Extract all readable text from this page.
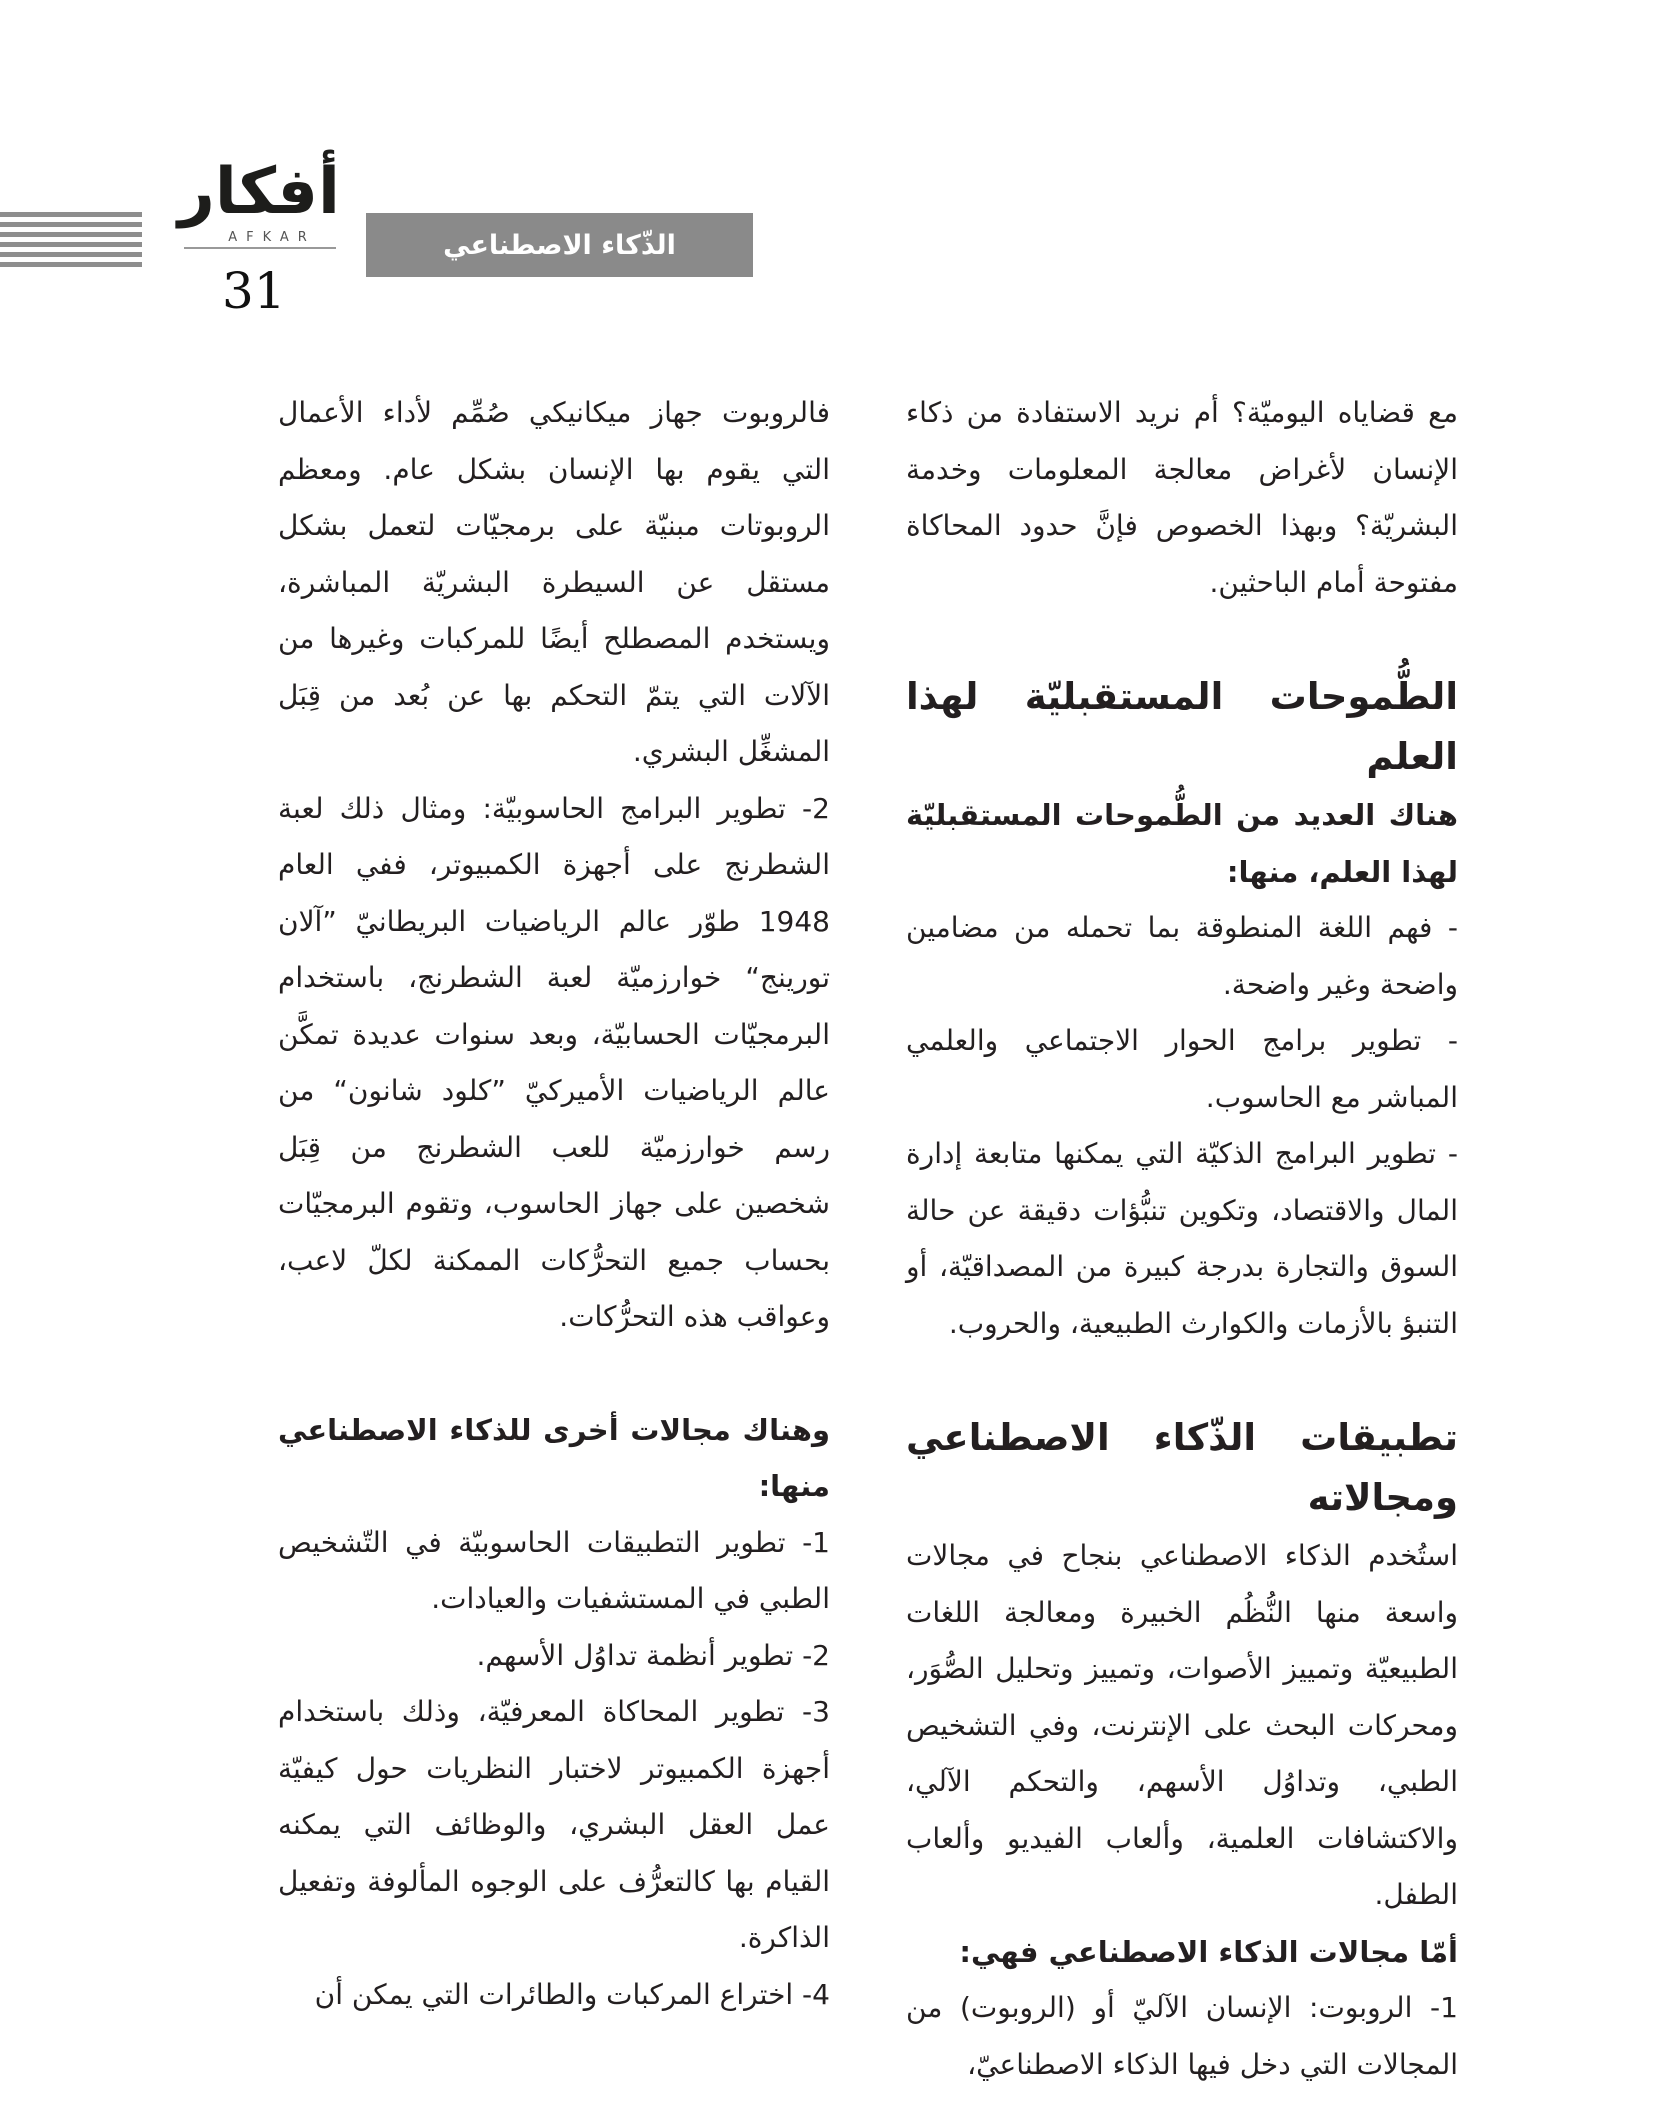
أفكار
AFKAR
31
الذّكاء الاصطناعي

مع قضاياه اليوميّة؟ أم نريد الاستفادة من ذكاء الإنسان لأغراض معالجة المعلومات وخدمة البشريّة؟ وبهذا الخصوص فإنَّ حدود المحاكاة مفتوحة أمام الباحثين.

الطُّموحات المستقبليّة لهذا العلم
هناك العديد من الطُّموحات المستقبليّة لهذا العلم، منها:

- فهم اللغة المنطوقة بما تحمله من مضامين واضحة وغير واضحة.

- تطوير برامج الحوار الاجتماعي والعلمي المباشر مع الحاسوب.

- تطوير البرامج الذكيّة التي يمكنها متابعة إدارة المال والاقتصاد، وتكوين تنبُّؤات دقيقة عن حالة السوق والتجارة بدرجة كبيرة من المصداقيّة، أو التنبؤ بالأزمات والكوارث الطبيعية، والحروب.

تطبيقات الذّكاء الاصطناعي ومجالاته

استُخدم الذكاء الاصطناعي بنجاح في مجالات واسعة منها النُّظُم الخبيرة ومعالجة اللغات الطبيعيّة وتمييز الأصوات، وتمييز وتحليل الصُّوَر، ومحركات البحث على الإنترنت، وفي التشخيص الطبي، وتداوُل الأسهم، والتحكم الآلي، والاكتشافات العلمية، وألعاب الفيديو وألعاب الطفل.

أمّا مجالات الذكاء الاصطناعي فهي:

1- الروبوت: الإنسان الآليّ أو (الروبوت) من المجالات التي دخل فيها الذكاء الاصطناعيّ،

فالروبوت جهاز ميكانيكي صُمِّم لأداء الأعمال التي يقوم بها الإنسان بشكل عام. ومعظم الروبوتات مبنيّة على برمجيّات لتعمل بشكل مستقل عن السيطرة البشريّة المباشرة، ويستخدم المصطلح أيضًا للمركبات وغيرها من الآلات التي يتمّ التحكم بها عن بُعد من قِبَل المشغِّل البشري.

2- تطوير البرامج الحاسوبيّة: ومثال ذلك لعبة الشطرنج على أجهزة الكمبيوتر، ففي العام 1948 طوّر عالم الرياضيات البريطانيّ ”آلان تورينج“ خوارزميّة لعبة الشطرنج، باستخدام البرمجيّات الحسابيّة، وبعد سنوات عديدة تمكَّن عالم الرياضيات الأميركيّ ”كلود شانون“ من رسم خوارزميّة للعب الشطرنج من قِبَل شخصين على جهاز الحاسوب، وتقوم البرمجيّات بحساب جميع التحرُّكات الممكنة لكلّ لاعب، وعواقب هذه التحرُّكات.

وهناك مجالات أخرى للذكاء الاصطناعي منها:

1- تطوير التطبيقات الحاسوبيّة في التّشخيص الطبي في المستشفيات والعيادات.

2- تطوير أنظمة تداوُل الأسهم.

3- تطوير المحاكاة المعرفيّة، وذلك باستخدام أجهزة الكمبيوتر لاختبار النظريات حول كيفيّة عمل العقل البشري، والوظائف التي يمكنه القيام بها كالتعرُّف على الوجوه المألوفة وتفعيل الذاكرة.

4- اختراع المركبات والطائرات التي يمكن أن
